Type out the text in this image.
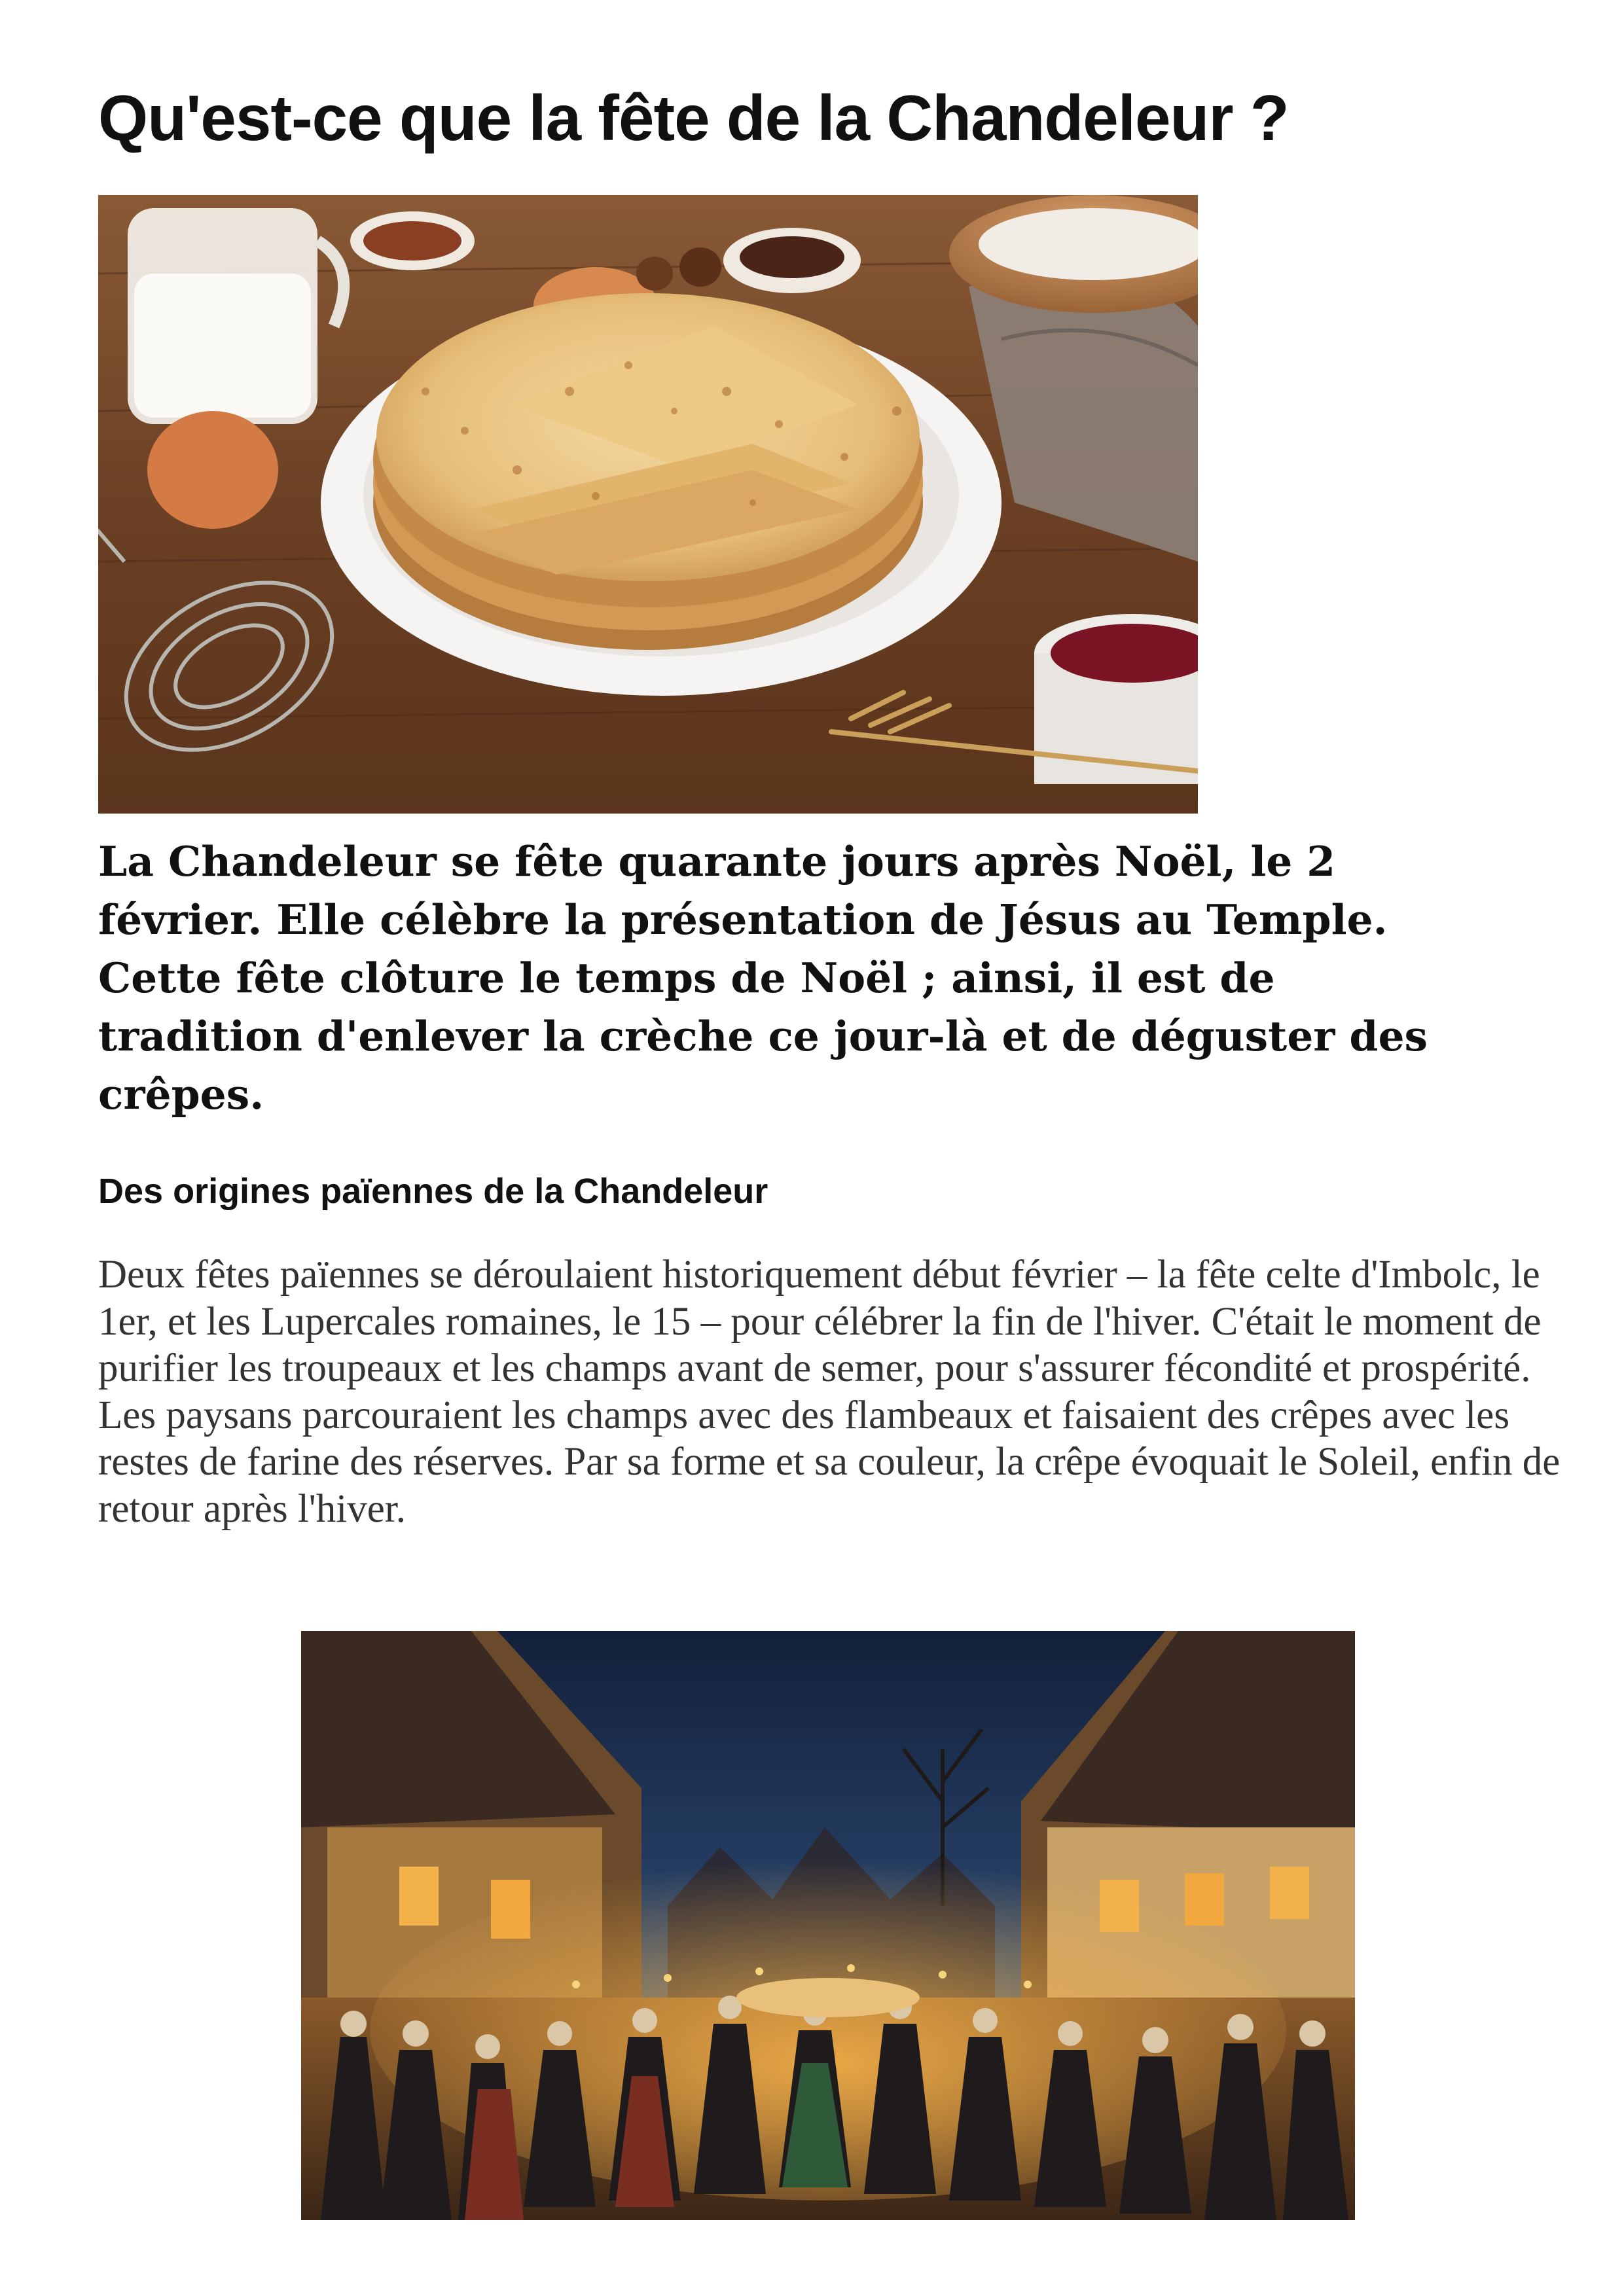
Qu'est-ce que la fête de la Chandeleur ?

La Chandeleur se fête quarante jours après Noël, le 2 février. Elle célèbre la présentation de Jésus au Temple. Cette fête clôture le temps de Noël ; ainsi, il est de tradition d'enlever la crèche ce jour-là et de déguster des crêpes.

Des origines païennes de la Chandeleur

Deux fêtes païennes se déroulaient historiquement début février – la fête celte d'Imbolc, le 1er, et les Lupercales romaines, le 15 – pour célébrer la fin de l'hiver. C'était le moment de purifier les troupeaux et les champs avant de semer, pour s'assurer fécondité et prospérité.

Les paysans parcouraient les champs avec des flambeaux et faisaient des crêpes avec les restes de farine des réserves. Par sa forme et sa couleur, la crêpe évoquait le Soleil, enfin de retour après l'hiver.
